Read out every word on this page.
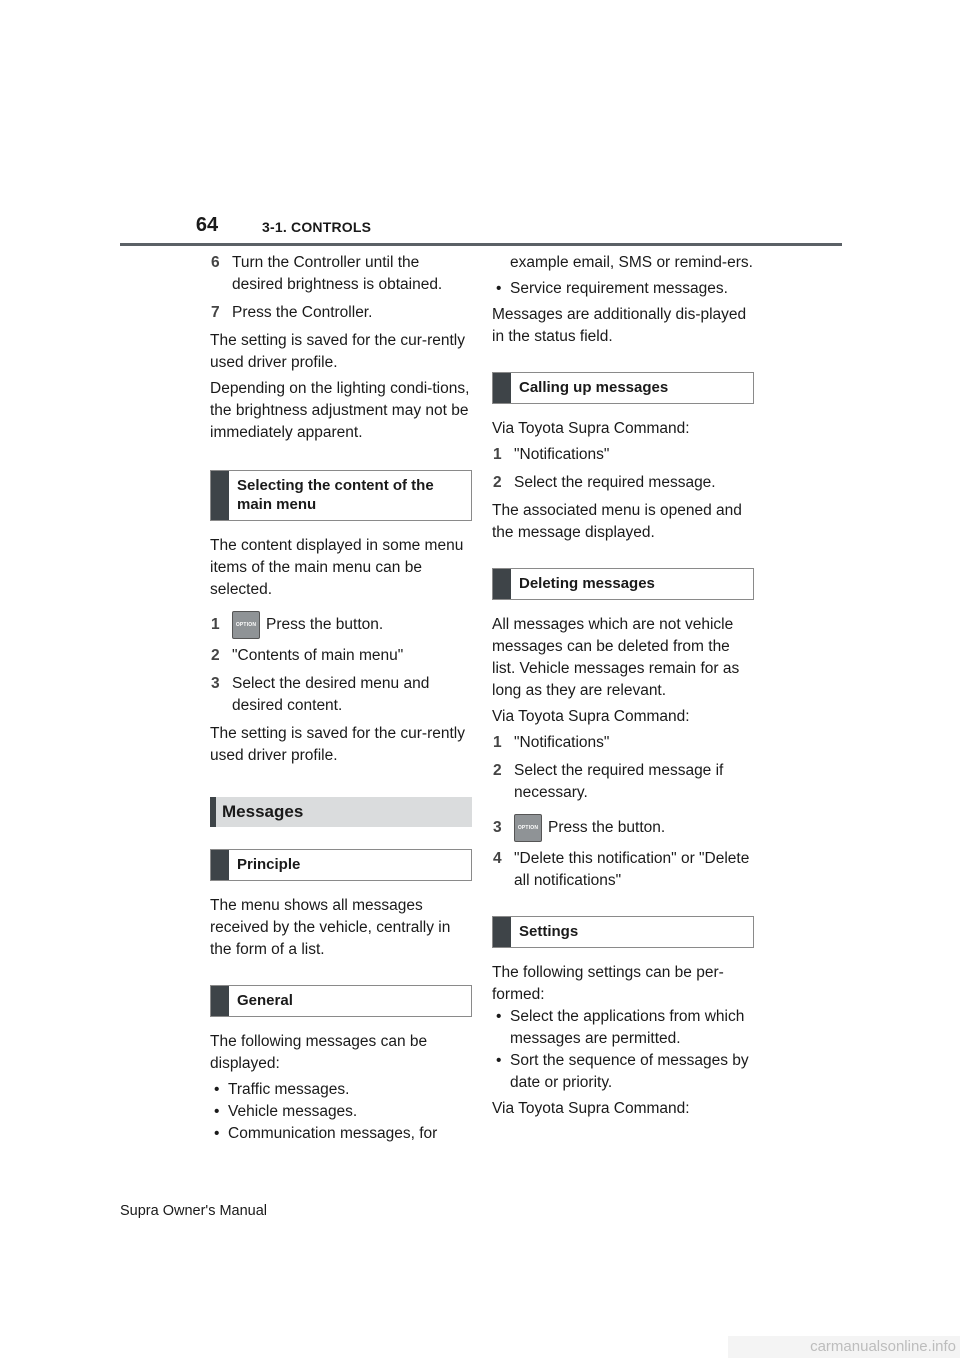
64	3-1. CONTROLS
6 Turn the Controller until the desired brightness is obtained.
7 Press the Controller.

The setting is saved for the cur-rently used driver profile.

Depending on the lighting condi-tions, the brightness adjustment may not be immediately apparent.

Selecting the content of the main menu

The content displayed in some menu items of the main menu can be selected.

1	OPTION Press the button.
2 "Contents of main menu"
3 Select the desired menu and desired content.

The setting is saved for the cur-rently used driver profile.

Messages
Principle

The menu shows all messages received by the vehicle, centrally in the form of a list.

General

The following messages can be displayed:

• Traffic messages.
• Vehicle messages.
• Communication messages, for

example email, SMS or remind-ers.

• Service requirement messages.

Messages are additionally dis-played in the status field.

Calling up messages

Via Toyota Supra Command:

1 "Notifications"
2 Select the required message.

The associated menu is opened and the message displayed.

Deleting messages

All messages which are not vehicle messages can be deleted from the list. Vehicle messages remain for as long as they are relevant.

Via Toyota Supra Command:

1 "Notifications"
2 Select the required message if necessary.
3	OPTION Press the button.
4 "Delete this notification" or "Delete all notifications"
Settings

The following settings can be per-formed:

• Select the applications from which messages are permitted.
• Sort the sequence of messages by date or priority.

Via Toyota Supra Command:

Supra Owner's Manual
carmanualsonline.info
